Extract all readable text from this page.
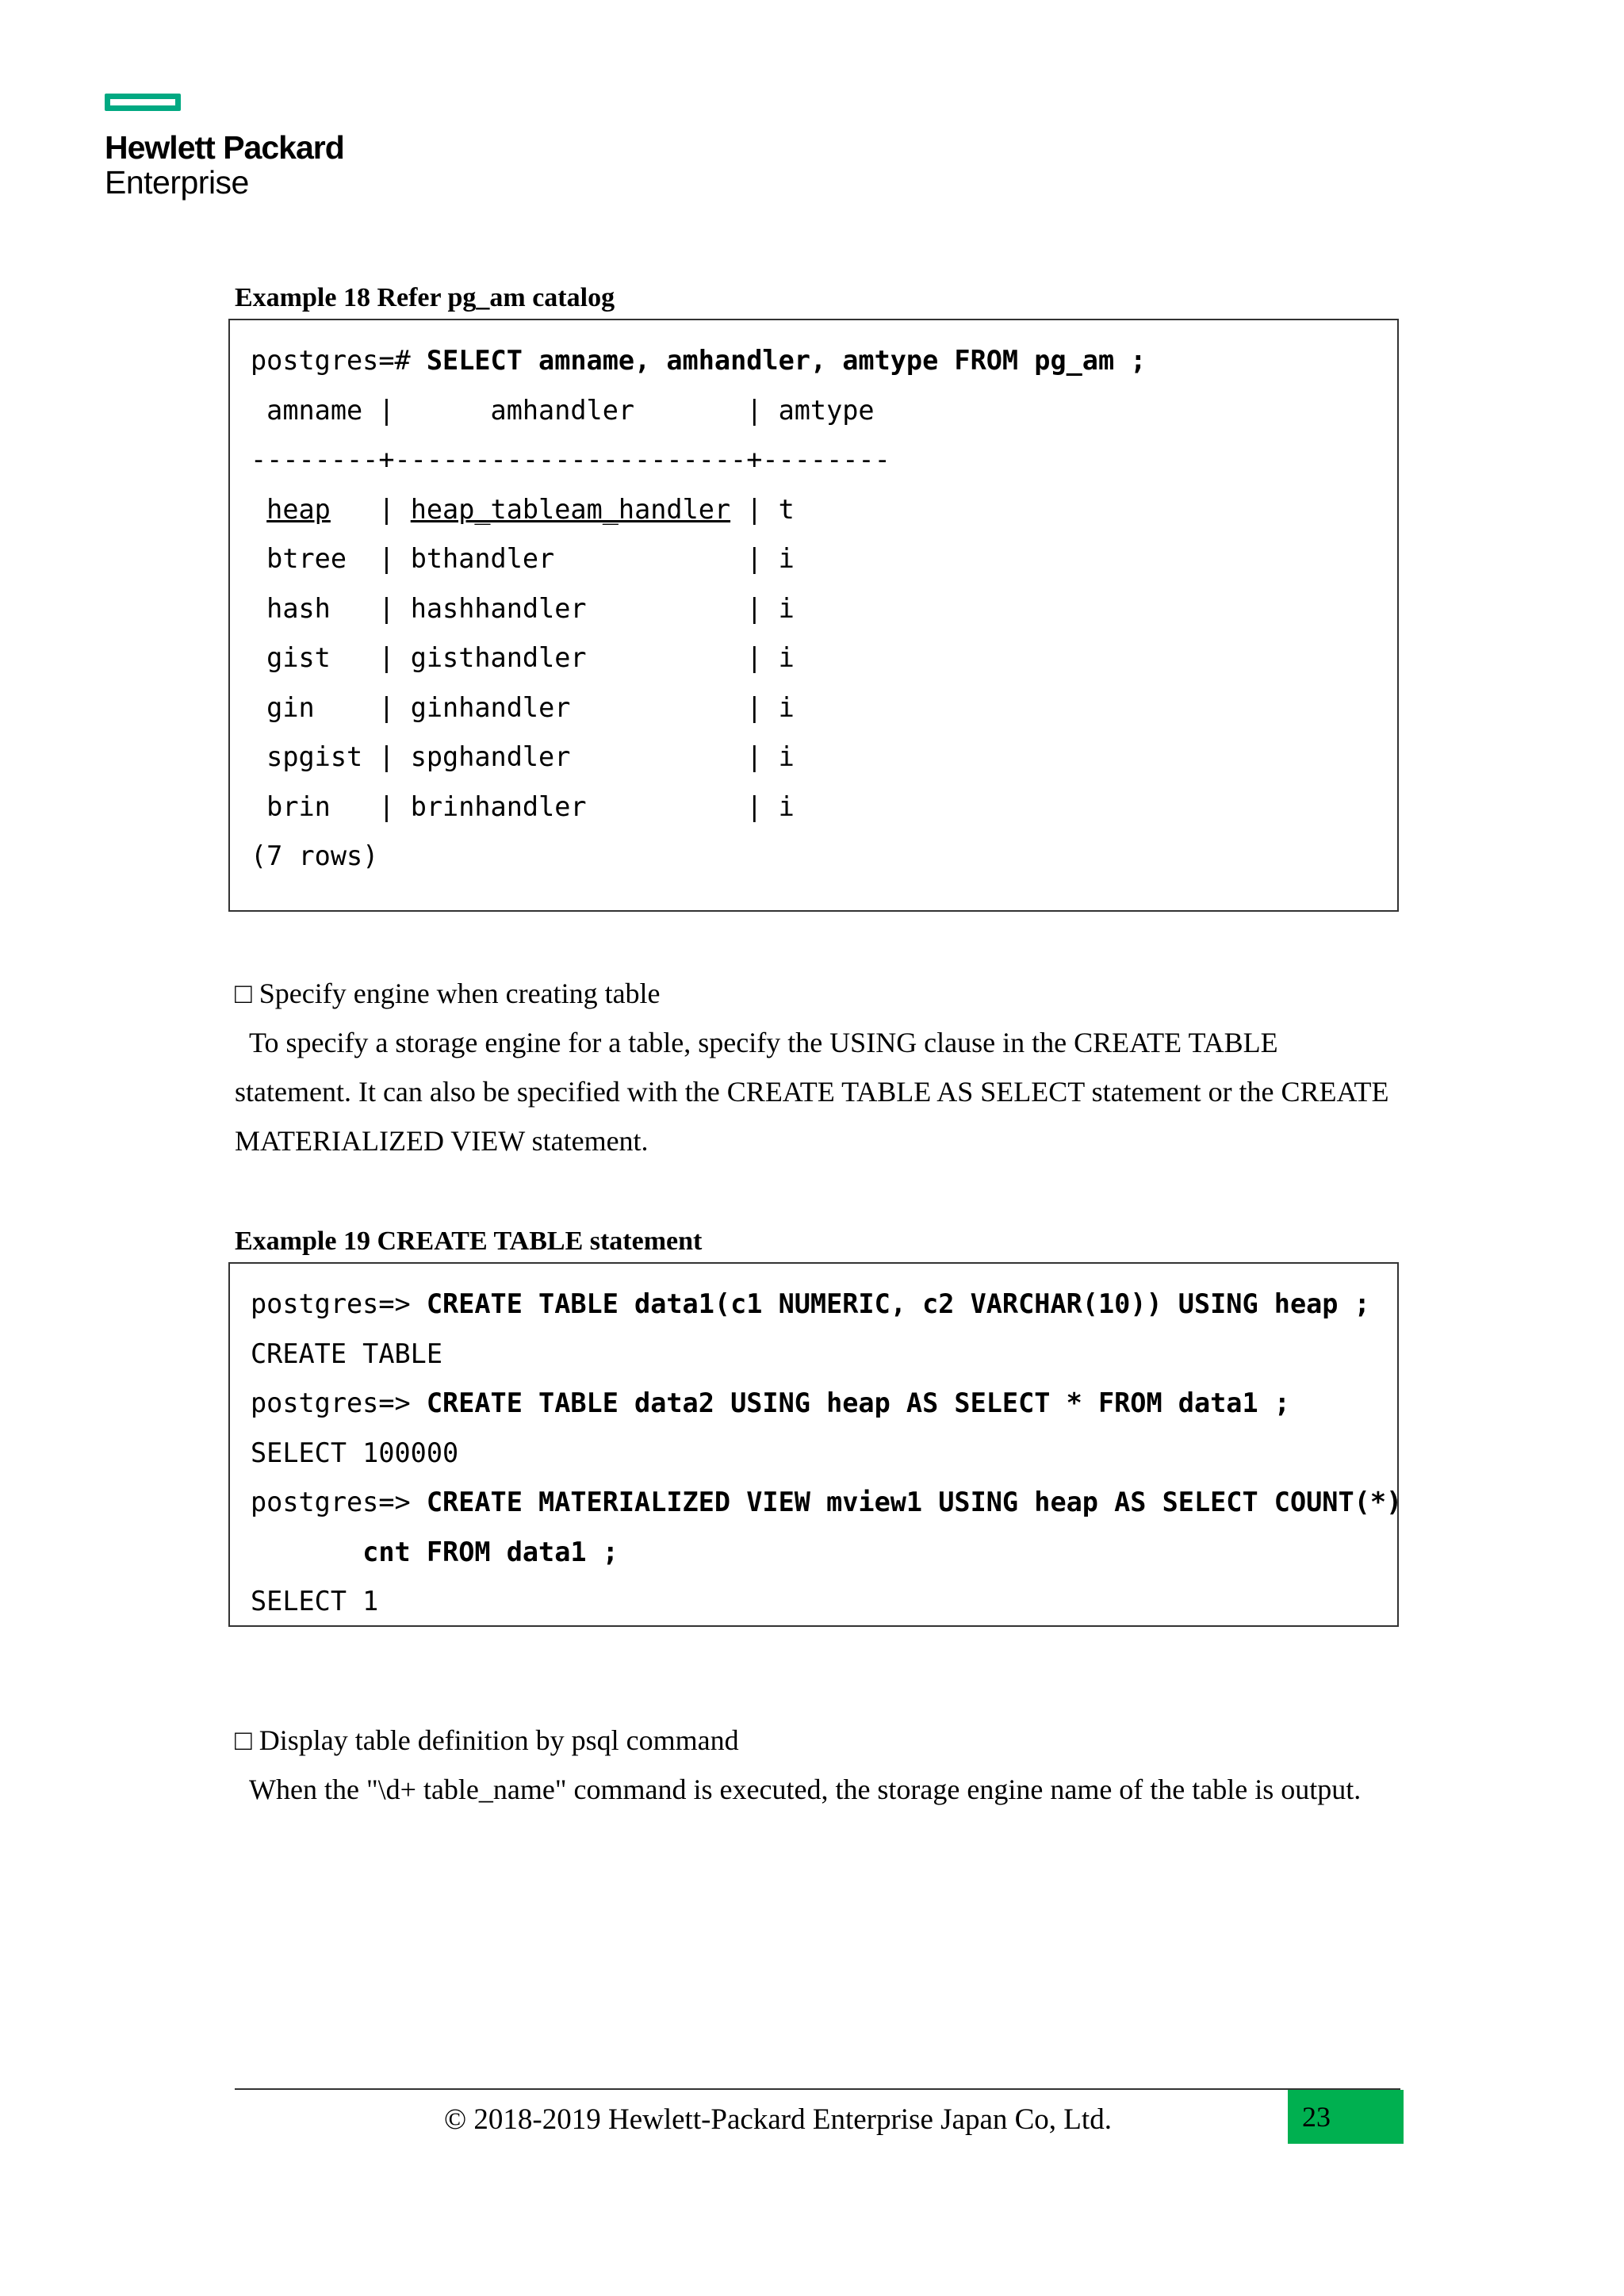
Hewlett Packard
Enterprise
Example 18 Refer pg_am catalog
postgres=# SELECT amname, amhandler, amtype FROM pg_am ;
amname |      amhandler       | amtype
--------+----------------------+--------
heap | heap_tableam_handler | t
btree | bthandler	| i
hash | hashhandler	| i
gist | gisthandler	| i
gin | ginhandler	| i
spgist | spghandler	| i
brin | brinhandler	| i
(7 rows)
□ Specify engine when creating table
To specify a storage engine for a table, specify the USING clause in the CREATE TABLE
statement. It can also be specified with the CREATE TABLE AS SELECT statement or the CREATE
MATERIALIZED VIEW statement.
Example 19 CREATE TABLE statement
postgres=> CREATE TABLE data1(c1 NUMERIC, c2 VARCHAR(10)) USING heap ;
CREATE TABLE
postgres=> CREATE TABLE data2 USING heap AS SELECT * FROM data1 ;
SELECT 100000
postgres=> CREATE MATERIALIZED VIEW mview1 USING heap AS SELECT COUNT(*)
cnt FROM data1 ;
SELECT 1
□ Display table definition by psql command
When the "\d+ table_name" command is executed, the storage engine name of the table is output.
© 2018-2019 Hewlett-Packard Enterprise Japan Co, Ltd.	23
